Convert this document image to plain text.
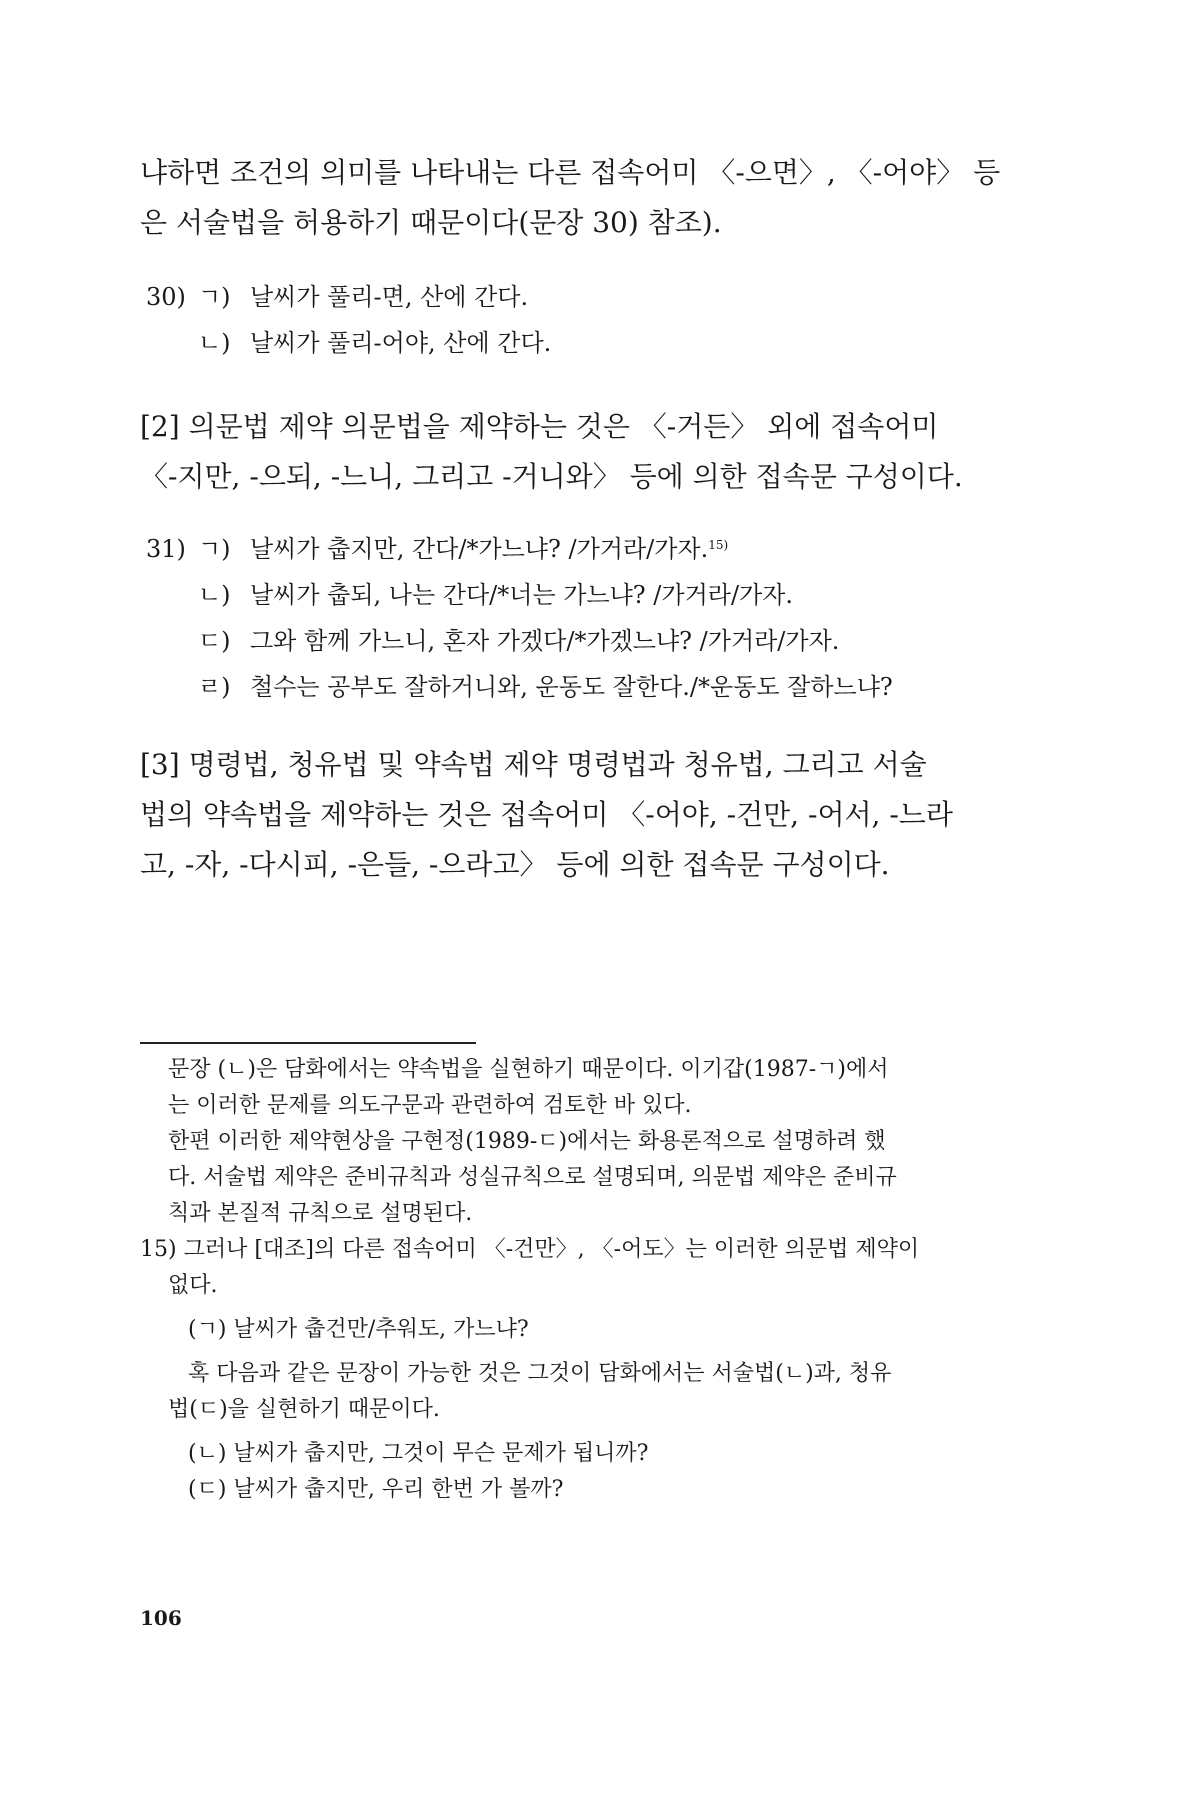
냐하면 조건의 의미를 나타내는 다른 접속어미 〈-으면〉, 〈-어야〉 등
은 서술법을 허용하기 때문이다(문장 30) 참조).

30) ㄱ) 날씨가 풀리-면, 산에 간다.
ㄴ) 날씨가 풀리-어야, 산에 간다.

[2] 의문법 제약 의문법을 제약하는 것은 〈-거든〉 외에 접속어미
〈-지만, -으되, -느니, 그리고 -거니와〉 등에 의한 접속문 구성이다.

31) ㄱ) 날씨가 춥지만, 간다/*가느냐? /가거라/가자.$^{15)}$
ㄴ) 날씨가 춥되, 나는 간다/*너는 가느냐? /가거라/가자.
ㄷ) 그와 함께 가느니, 혼자 가겠다/*가겠느냐? /가거라/가자.
ㄹ) 철수는 공부도 잘하거니와, 운동도 잘한다./*운동도 잘하느냐?

[3] 명령법, 청유법 및 약속법 제약 명령법과 청유법, 그리고 서술
법의 약속법을 제약하는 것은 접속어미 〈-어야, -건만, -어서, -느라
고, -자, -다시피, -은들, -으라고〉 등에 의한 접속문 구성이다.

문장 (ㄴ)은 담화에서는 약속법을 실현하기 때문이다. 이기갑(1987-ㄱ)에서
는 이러한 문제를 의도구문과 관련하여 검토한 바 있다.
한편 이러한 제약현상을 구현정(1989-ㄷ)에서는 화용론적으로 설명하려 했
다. 서술법 제약은 준비규칙과 성실규칙으로 설명되며, 의문법 제약은 준비규
칙과 본질적 규칙으로 설명된다.
15) 그러나 [대조]의 다른 접속어미 〈-건만〉, 〈-어도〉는 이러한 의문법 제약이
없다.
(ㄱ) 날씨가 춥건만/추워도, 가느냐?
혹 다음과 같은 문장이 가능한 것은 그것이 담화에서는 서술법(ㄴ)과, 청유
법(ㄷ)을 실현하기 때문이다.
(ㄴ) 날씨가 춥지만, 그것이 무슨 문제가 됩니까?
(ㄷ) 날씨가 춥지만, 우리 한번 가 볼까?

106
